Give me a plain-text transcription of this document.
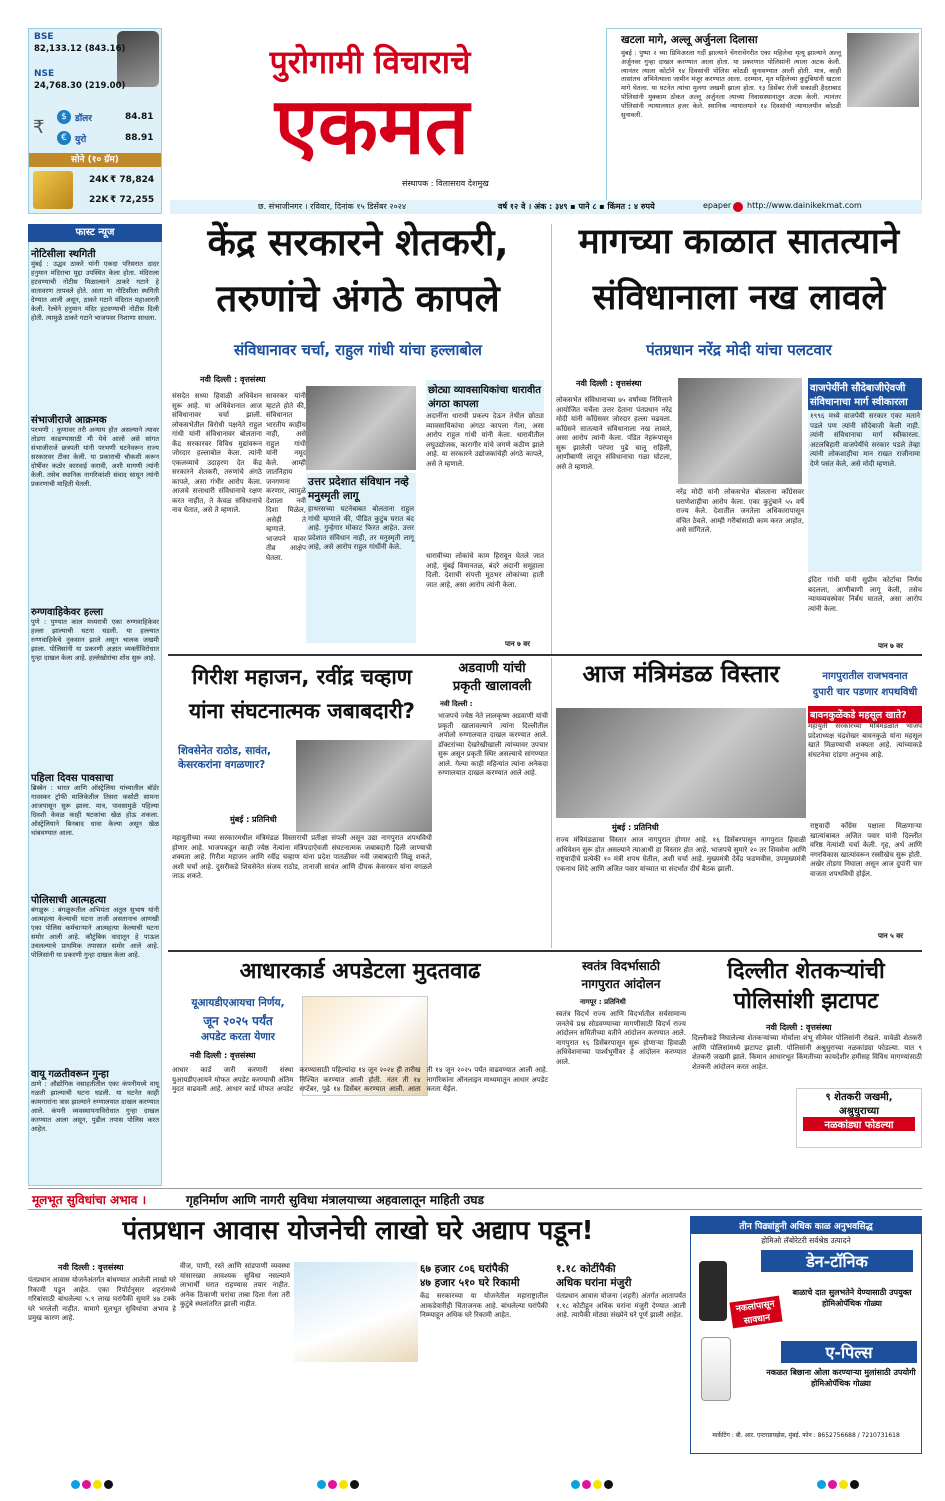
BSE
82,133.12 (843.16)
NSE
24,768.30 (219.00)
$ डॉलर	84.81
₹	€ युरो	88.91
सोने (१० ग्रॅम)
24K ₹ 78,824
22K ₹ 72,255
पुरोगामी विचाराचे
एकमत
संस्थापक : विलासराव देशमुख
खटला मागे, अल्लू अर्जुनला दिलासा
मुंबई : पुष्पा २ च्या प्रिमिअरला गर्दी झाल्याने चेंगराचेंगरीत एका महिलेचा मृत्यू झाल्याने अल्लू अर्जुनवर गुन्हा दाखल करण्यात आला होता. या प्रकरणात पोलिसांनी त्याला अटक केली. त्यानंतर त्याला कोर्टाने १४ दिवसांची पोलिस कोठडी सुनावण्यात आली होती. मात्र, काही तासांतच अभिनेत्याला जामीन मंजूर करण्यात आला. दरम्यान, मृत महिलेच्या कुटुंबियांनी खटला मागे घेतला. या घटनेत त्यांचा मुलगा जखमी झाला होता. १३ डिसेंबर रोजी सकाळी हैदराबाद पोलिसांनी मुक्काम ठोकत अल्लू अर्जुनला त्याच्या निवासस्थानातून अटक केली. त्यानंतर पोलिसांनी न्यायालयात हजर केले. स्थानिक न्यायालयाने १४ दिवसांची न्यायालयीन कोठडी सुनावली.
छ. संभाजीनगर । रविवार, दिनांक १५ डिसेंबर २०२४	वर्ष १२ वे । अंक : ३४९ ▪ पाने ८ ▪ किंमत : ४ रुपये	epaper http://www.dainikekmat.com
फास्ट न्यूज
नोटिसीला स्थगिती
मुंबई : उद्धव ठाकरे यांनी एकदा परिसरात दादर हनुमान मंदिराचा मुद्दा उपस्थित केला होता. मंदिराला हटवण्याची नोटीस मिळाल्याने ठाकरे गटाने हे वातावरण तापवले होते. आता या नोटिसीला स्थगिती देण्यात आली असून, ठाकरे गटाने मंदिरात महाआरती केली. रेल्वेने हनुमान मंदिर हटवण्याची नोटीस दिली होती. त्यामुळे ठाकरे गटाने भाजपवर निशाणा साधला.
संभाजीराजे आक्रमक
परभणी : कुणावर तरी अन्याय होत असल्याने त्यावर तोडगा काढण्यासाठी मी येथे आलो असे सांगत संभाजीराजे छत्रपती यांनी परभणी घटनेवरून राज्य सरकारवर टीका केली. या प्रकाराची चौकशी करून दोषींवर कठोर कारवाई करावी, अशी मागणी त्यांनी केली. तसेच स्थानिक नागरिकांशी संवाद साधून त्यांनी प्रकरणाची माहिती घेतली.
रुग्णवाहिकेवर हल्ला
पुणे : पुण्यात काल मध्यरात्री एका रुग्णवाहिकेवर हल्ला झाल्याची घटना घडली. या हल्ल्यात रुग्णवाहिकेचे नुकसान झाले असून चालक जखमी झाला. पोलिसांनी या प्रकरणी अज्ञात व्यक्तींविरोधात गुन्हा दाखल केला आहे. हल्लेखोरांचा शोध सुरू आहे.
पहिला दिवस पावसाचा
ब्रिस्बेन : भारत आणि ऑस्ट्रेलिया यांच्यातील बॉर्डर गावस्कर ट्रॉफी मालिकेतील तिसरा कसोटी सामना आजपासून सुरू झाला. मात्र, पावसामुळे पहिल्या दिवशी केवळ काही षटकांचा खेळ होऊ शकला. ऑस्ट्रेलियाने बिनबाद धावा केल्या असून खेळ थांबवण्यात आला.
पोलिसाची आत्महत्या
बंगळुरू : बंगळुरूतील अभियंता अतुल सुभाष यांनी आत्महत्या केल्याची घटना ताजी असतानाच आणखी एका पोलिस कर्मचाऱ्याने आत्महत्या केल्याची घटना समोर आली आहे. कौटुंबिक वादातून हे पाऊल उचलल्याचे प्राथमिक तपासात समोर आले आहे. पोलिसांनी या प्रकरणी गुन्हा दाखल केला आहे.
वायू गळतीवरून गुन्हा
ठाणे : औद्योगिक वसाहतीतील एका कंपनीमध्ये वायू गळती झाल्याची घटना घडली. या घटनेत काही कामगारांना त्रास झाल्याने रुग्णालयात दाखल करण्यात आले. कंपनी व्यवस्थापनाविरोधात गुन्हा दाखल करण्यात आला असून, पुढील तपास पोलिस करत आहेत.
केंद्र सरकारने शेतकरी,
तरुणांचे अंगठे कापले
संविधानावर चर्चा, राहुल गांधी यांचा हल्लाबोल
नवी दिल्ली : वृत्तसंस्था
संसदेत सध्या हिवाळी अधिवेशन सुरू आहे. या अधिवेशनात आज संविधानावर चर्चा झाली. लोकसभेतील विरोधी पक्षनेते राहुल गांधी यांनी संविधानावर बोलताना केंद्र सरकारवर विविध मुद्यांवरून जोरदार हल्लाबोल केला. त्यांनी एकलव्याचे उदाहरण देत केंद्र सरकारने शेतकरी, तरुणांचे अंगठे कापले, असा गंभीर आरोप केला. आजचे सत्ताधारी संविधानाचे रक्षण करत नाहीत, ते केवळ संविधानाचे नाव घेतात, असे ते म्हणाले.
सावरकर यांनी म्हटले होते की, संविधानात भारतीय काहीच नाही, असे राहुल गांधी यांनी नमूद केले. आम्ही जातनिहाय जनगणना करणार, त्यामुळे देशाला नवी दिशा मिळेल, असेही ते म्हणाले. भाजपने यावर तीव्र आक्षेप घेतला.
उत्तर प्रदेशात संविधान नव्हे मनुस्मृती लागू
हाथरसच्या घटनेबाबत बोलताना राहुल गांधी म्हणाले की, पीडित कुटुंब घरात बंद आहे. गुन्हेगार मोकाट फिरत आहेत. उत्तर प्रदेशात संविधान नाही, तर मनुस्मृती लागू आहे, असे आरोप राहुल गांधींनी केले.
छोट्या व्यावसायिकांचा धारावीत अंगठा कापला
अदानींना धारावी प्रकल्प देऊन तेथील छोट्या व्यावसायिकांचा अंगठा कापला गेला, असा आरोप राहुल गांधी यांनी केला. धारावीतील लघुउद्योजक, कारागीर यांचे जगणे कठीण झाले आहे. या सरकारने उद्योजकांचेही अंगठे कापले, असे ते म्हणाले.
धारावीच्या लोकांचे काम हिरावून घेतले जात आहे, मुंबई विमानतळ, बंदरे अदानी समूहाला दिली. देशाची संपत्ती मूठभर लोकांच्या हाती जात आहे, असा आरोप त्यांनी केला.
पान ७ वर
मागच्या काळात सातत्याने
संविधानाला नख लावले
पंतप्रधान नरेंद्र मोदी यांचा पलटवार
नवी दिल्ली : वृत्तसंस्था
लोकसभेत संविधानाच्या ७५ वर्षांच्या निमित्ताने आयोजित चर्चेला उत्तर देताना पंतप्रधान नरेंद्र मोदी यांनी काँग्रेसवर जोरदार हल्ला चढवला. काँग्रेसने सातत्याने संविधानाला नख लावले, असा आरोप त्यांनी केला. पंडित नेहरूंपासून सुरू झालेली परंपरा पुढे चालू राहिली, आणीबाणी लादून संविधानाचा गळा घोटला, असे ते म्हणाले.
नरेंद्र मोदी यांनी लोकसभेत बोलताना काँग्रेसवर घराणेशाहीचा आरोप केला. एका कुटुंबाने ५५ वर्षे राज्य केले. देशातील जनतेला अधिकारापासून वंचित ठेवले. आम्ही गरीबांसाठी काम करत आहोत, असे सांगितले.
वाजपेयींनी सौदेबाजीऐवजी संविधानाचा मार्ग स्वीकारला
१९९६ मध्ये वाजपेयी सरकार एका मताने पडले पण त्यांनी सौदेबाजी केली नाही. त्यांनी संविधानाचा मार्ग स्वीकारला. अटलबिहारी वाजपेयींचे सरकार पडले तेव्हा त्यांनी लोकशाहीचा मान राखत राजीनामा देणे पसंत केले, असे मोदी म्हणाले.
इंदिरा गांधी यांनी सुप्रीम कोर्टाचा निर्णय बदलला, आणीबाणी लागू केली, तसेच न्यायव्यवस्थेवर निर्बंध घातले, असा आरोप त्यांनी केला.
पान ७ वर
गिरीश महाजन, रवींद्र चव्हाण
यांना संघटनात्मक जबाबदारी?
शिवसेनेत राठोड, सावंत, केसरकरांना वगळणार?
मुंबई : प्रतिनिधी
महायुतीच्या नव्या सरकारमधील मंत्रिमंडळ विस्ताराची प्रतीक्षा संपली असून उद्या नागपुरात शपथविधी होणार आहे. भाजपकडून काही ज्येष्ठ नेत्यांना मंत्रिपदाऐवजी संघटनात्मक जबाबदारी दिली जाण्याची शक्यता आहे. गिरीश महाजन आणि रवींद्र चव्हाण यांना प्रदेश पातळीवर नवी जबाबदारी मिळू शकते, अशी चर्चा आहे. दुसरीकडे शिवसेनेत संजय राठोड, तानाजी सावंत आणि दीपक केसरकर यांना वगळले जाऊ शकते.
अडवाणी यांची
प्रकृती खालावली
नवी दिल्ली :
भाजपचे ज्येष्ठ नेते लालकृष्ण अडवाणी यांची प्रकृती खालावल्याने त्यांना दिल्लीतील अपोलो रुग्णालयात दाखल करण्यात आले. डॉक्टरांच्या देखरेखीखाली त्यांच्यावर उपचार सुरू असून प्रकृती स्थिर असल्याचे सांगण्यात आले. गेल्या काही महिन्यांत त्यांना अनेकदा रुग्णालयात दाखल करण्यात आले आहे.
आज मंत्रिमंडळ विस्तार	नागपुरातील राजभवनात
दुपारी चार पडणार शपथविधी
बावनकुळेंकडे महसूल खाते?
महायुती सरकारच्या मंत्रिमंडळात भाजप प्रदेशाध्यक्ष चंद्रशेखर बावनकुळे यांना महसूल खाते मिळण्याची शक्यता आहे. त्यांच्याकडे संघटनेचा दांडगा अनुभव आहे.
मुंबई : प्रतिनिधी
राज्य मंत्रिमंडळाचा विस्तार आज नागपुरात होणार आहे. १६ डिसेंबरपासून नागपुरात हिवाळी अधिवेशन सुरू होत असल्याने त्याआधी हा विस्तार होत आहे. भाजपचे सुमारे २० तर शिवसेना आणि राष्ट्रवादीचे प्रत्येकी १० मंत्री शपथ घेतील, अशी चर्चा आहे. मुख्यमंत्री देवेंद्र फडणवीस, उपमुख्यमंत्री एकनाथ शिंदे आणि अजित पवार यांच्यात या संदर्भात दीर्घ बैठक झाली.
राष्ट्रवादी काँग्रेस पक्षाला मिळणाऱ्या खात्यांबाबत अजित पवार यांनी दिल्लीत वरिष्ठ नेत्यांशी चर्चा केली. गृह, अर्थ आणि नगरविकास खात्यांवरून रस्सीखेच सुरू होती. अखेर तोडगा निघाला असून आज दुपारी चार वाजता शपथविधी होईल.
पान ५ वर
आधारकार्ड अपडेटला मुदतवाढ
यूआयडीएआयचा निर्णय,
जून २०२५ पर्यंत
अपडेट करता येणार
नवी दिल्ली : वृत्तसंस्था
आधार कार्ड जारी करणारी संस्था युआयडीएआयने मोफत अपडेट करण्याची अंतिम मुदत वाढवली आहे. आधार कार्ड मोफत अपडेट करण्यासाठी पहिल्यांदा १४ जून २०२४ ही तारीख निश्चित करण्यात आली होती. नंतर ती १४ सप्टेंबर, पुढे १४ डिसेंबर करण्यात आली. आता ती १४ जून २०२५ पर्यंत वाढवण्यात आली आहे. नागरिकांना ऑनलाइन माध्यमातून आधार अपडेट करता येईल.
स्वतंत्र विदर्भासाठी
नागपुरात आंदोलन
नागपूर : प्रतिनिधी
स्वतंत्र विदर्भ राज्य आणि विदर्भातील सर्वसामान्य जनतेचे प्रश्न सोडवण्याच्या मागणीसाठी विदर्भ राज्य आंदोलन समितीच्या वतीने आंदोलन करण्यात आले. नागपुरात १६ डिसेंबरपासून सुरू होणाऱ्या हिवाळी अधिवेशनाच्या पार्श्वभूमीवर हे आंदोलन करण्यात आले.
दिल्लीत शेतकऱ्यांची
पोलिसांशी झटापट
नवी दिल्ली : वृत्तसंस्था
दिल्लीकडे निघालेल्या शेतकऱ्यांच्या मोर्चाला शंभू सीमेवर पोलिसांनी रोखले. यावेळी शेतकरी आणि पोलिसांमध्ये झटापट झाली. पोलिसांनी अश्रुधुराच्या नळकांड्या फोडल्या. यात ९ शेतकरी जखमी झाले. किमान आधारभूत किंमतीच्या कायदेशीर हमीसह विविध मागण्यांसाठी शेतकरी आंदोलन करत आहेत.
९ शेतकरी जखमी,
अश्रुधुराच्या
नळकांड्या फोडल्या
मूलभूत सुविधांचा अभाव ।	गृहनिर्माण आणि नागरी सुविधा मंत्रालयाच्या अहवालातून माहिती उघड
पंतप्रधान आवास योजनेची लाखो घरे अद्याप पडून!
नवी दिल्ली : वृत्तसंस्था
पंतप्रधान आवास योजनेअंतर्गत बांधण्यात आलेली लाखो घरे रिकामी पडून आहेत. एका रिपोर्टनुसार शहरांमध्ये गरिबांसाठी बांधलेल्या ५.९ लाख घरांपैकी सुमारे ४७ टक्के घरे भरलेली नाहीत. यामागे मूलभूत सुविधांचा अभाव हे प्रमुख कारण आहे.
वीज, पाणी, रस्ते आणि सांडपाणी व्यवस्था यांसारख्या आवश्यक सुविधा नसल्याने लाभार्थी घरात राहण्यास तयार नाहीत. अनेक ठिकाणी घरांचा ताबा दिला गेला तरी कुटुंबे स्थलांतरित झाली नाहीत.
६७ हजार ८०६ घरांपैकी
४७ हजार ५१० घरे रिकामी
केंद्र सरकारच्या या योजनेतील महाराष्ट्रातील आकडेवारीही चिंताजनक आहे. बांधलेल्या घरांपैकी निम्म्याहून अधिक घरे रिकामी आहेत.
१.१८ कोटींपैकी
अधिक घरांना मंजुरी
पंतप्रधान आवास योजना (शहरी) अंतर्गत आतापर्यंत १.१८ कोटीहून अधिक घरांना मंजुरी देण्यात आली आहे. त्यापैकी मोठ्या संख्येने घरे पूर्ण झाली आहेत.
तीन पिढ्यांहूनी अधिक काळ अनुभवसिद्ध
होमिओ लॅबोरेटरी सर्वश्रेष्ठ उत्पादने
डेन-टॉनिक
नकलांपासून सावधान
बाळाचे दात सुलभतेने येण्यासाठी उपयुक्त होमिओपॅथिक गोळ्या
ए-पिल्स
नकळत बिछाना ओला करण्याऱ्या मुलांसाठी उपयोगी होमिओपॅथिक गोळ्या
मार्केटिंग : बी. आर. एन्टरप्रायझेस, मुंबई. फोन : 8652756688 / 7210731618
